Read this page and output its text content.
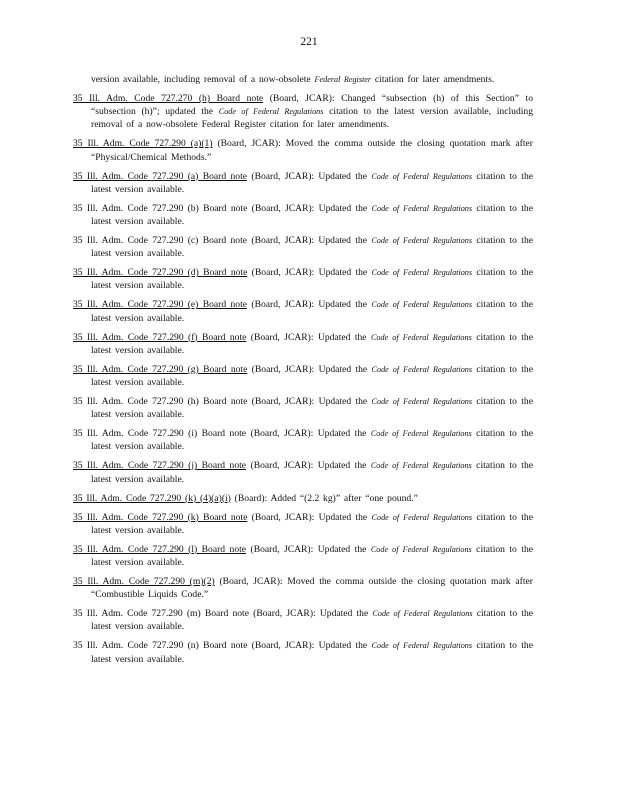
221

version available, including removal of a now-obsolete Federal Register citation for later amendments.

35 Ill. Adm. Code 727.270 (h) Board note (Board, JCAR): Changed “subsection (h) of this Section” to “subsection (h)”; updated the Code of Federal Regulations citation to the latest version available, including removal of a now-obsolete Federal Register citation for later amendments.

35 Ill. Adm. Code 727.290 (a)(1) (Board, JCAR): Moved the comma outside the closing quotation mark after “Physical/Chemical Methods.”

35 Ill. Adm. Code 727.290 (a) Board note (Board, JCAR): Updated the Code of Federal Regulations citation to the latest version available.

35 Ill. Adm. Code 727.290 (b) Board note (Board, JCAR): Updated the Code of Federal Regulations citation to the latest version available.

35 Ill. Adm. Code 727.290 (c) Board note (Board, JCAR): Updated the Code of Federal Regulations citation to the latest version available.

35 Ill. Adm. Code 727.290 (d) Board note (Board, JCAR): Updated the Code of Federal Regulations citation to the latest version available.

35 Ill. Adm. Code 727.290 (e) Board note (Board, JCAR): Updated the Code of Federal Regulations citation to the latest version available.

35 Ill. Adm. Code 727.290 (f) Board note (Board, JCAR): Updated the Code of Federal Regulations citation to the latest version available.

35 Ill. Adm. Code 727.290 (g) Board note (Board, JCAR): Updated the Code of Federal Regulations citation to the latest version available.

35 Ill. Adm. Code 727.290 (h) Board note (Board, JCAR): Updated the Code of Federal Regulations citation to the latest version available.

35 Ill. Adm. Code 727.290 (i) Board note (Board, JCAR): Updated the Code of Federal Regulations citation to the latest version available.

35 Ill. Adm. Code 727.290 (j) Board note (Board, JCAR): Updated the Code of Federal Regulations citation to the latest version available.

35 Ill. Adm. Code 727.290 (k) (4)(a)(i) (Board): Added “(2.2 kg)” after “one pound.”

35 Ill. Adm. Code 727.290 (k) Board note (Board, JCAR): Updated the Code of Federal Regulations citation to the latest version available.

35 Ill. Adm. Code 727.290 (l) Board note (Board, JCAR): Updated the Code of Federal Regulations citation to the latest version available.

35 Ill. Adm. Code 727.290 (m)(2) (Board, JCAR): Moved the comma outside the closing quotation mark after “Combustible Liquids Code.”

35 Ill. Adm. Code 727.290 (m) Board note (Board, JCAR): Updated the Code of Federal Regulations citation to the latest version available.

35 Ill. Adm. Code 727.290 (n) Board note (Board, JCAR): Updated the Code of Federal Regulations citation to the latest version available.
